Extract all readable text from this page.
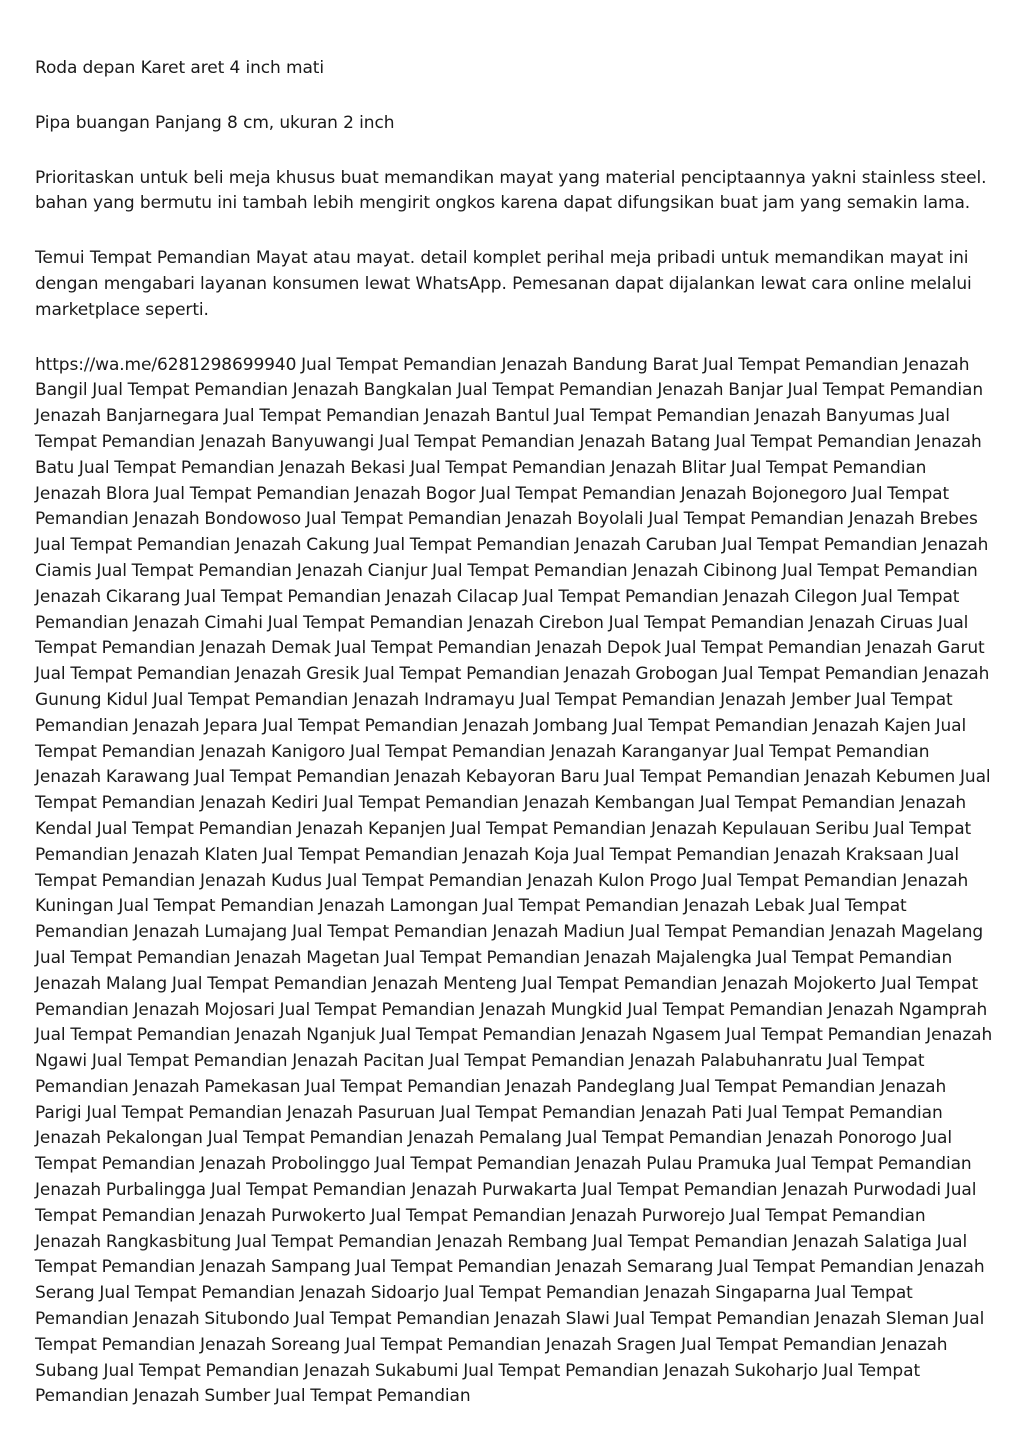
Roda depan Karet aret 4 inch mati

Pipa buangan Panjang 8 cm, ukuran 2 inch

Prioritaskan untuk beli meja khusus buat memandikan mayat yang material penciptaannya yakni stainless steel. bahan yang bermutu ini tambah lebih mengirit ongkos karena dapat difungsikan buat jam yang semakin lama.

Temui Tempat Pemandian Mayat atau mayat. detail komplet perihal meja pribadi untuk memandikan mayat ini dengan mengabari layanan konsumen lewat WhatsApp. Pemesanan dapat dijalankan lewat cara online melalui marketplace seperti.

https://wa.me/6281298699940 Jual Tempat Pemandian Jenazah Bandung Barat Jual Tempat Pemandian Jenazah Bangil Jual Tempat Pemandian Jenazah Bangkalan Jual Tempat Pemandian Jenazah Banjar Jual Tempat Pemandian Jenazah Banjarnegara Jual Tempat Pemandian Jenazah Bantul Jual Tempat Pemandian Jenazah Banyumas Jual Tempat Pemandian Jenazah Banyuwangi Jual Tempat Pemandian Jenazah Batang Jual Tempat Pemandian Jenazah Batu Jual Tempat Pemandian Jenazah Bekasi Jual Tempat Pemandian Jenazah Blitar Jual Tempat Pemandian Jenazah Blora Jual Tempat Pemandian Jenazah Bogor Jual Tempat Pemandian Jenazah Bojonegoro Jual Tempat Pemandian Jenazah Bondowoso Jual Tempat Pemandian Jenazah Boyolali Jual Tempat Pemandian Jenazah Brebes Jual Tempat Pemandian Jenazah Cakung Jual Tempat Pemandian Jenazah Caruban Jual Tempat Pemandian Jenazah Ciamis Jual Tempat Pemandian Jenazah Cianjur Jual Tempat Pemandian Jenazah Cibinong Jual Tempat Pemandian Jenazah Cikarang Jual Tempat Pemandian Jenazah Cilacap Jual Tempat Pemandian Jenazah Cilegon Jual Tempat Pemandian Jenazah Cimahi Jual Tempat Pemandian Jenazah Cirebon Jual Tempat Pemandian Jenazah Ciruas Jual Tempat Pemandian Jenazah Demak Jual Tempat Pemandian Jenazah Depok Jual Tempat Pemandian Jenazah Garut Jual Tempat Pemandian Jenazah Gresik Jual Tempat Pemandian Jenazah Grobogan Jual Tempat Pemandian Jenazah Gunung Kidul Jual Tempat Pemandian Jenazah Indramayu Jual Tempat Pemandian Jenazah Jember Jual Tempat Pemandian Jenazah Jepara Jual Tempat Pemandian Jenazah Jombang Jual Tempat Pemandian Jenazah Kajen Jual Tempat Pemandian Jenazah Kanigoro Jual Tempat Pemandian Jenazah Karanganyar Jual Tempat Pemandian Jenazah Karawang Jual Tempat Pemandian Jenazah Kebayoran Baru Jual Tempat Pemandian Jenazah Kebumen Jual Tempat Pemandian Jenazah Kediri Jual Tempat Pemandian Jenazah Kembangan Jual Tempat Pemandian Jenazah Kendal Jual Tempat Pemandian Jenazah Kepanjen Jual Tempat Pemandian Jenazah Kepulauan Seribu Jual Tempat Pemandian Jenazah Klaten Jual Tempat Pemandian Jenazah Koja Jual Tempat Pemandian Jenazah Kraksaan Jual Tempat Pemandian Jenazah Kudus Jual Tempat Pemandian Jenazah Kulon Progo Jual Tempat Pemandian Jenazah Kuningan Jual Tempat Pemandian Jenazah Lamongan Jual Tempat Pemandian Jenazah Lebak Jual Tempat Pemandian Jenazah Lumajang Jual Tempat Pemandian Jenazah Madiun Jual Tempat Pemandian Jenazah Magelang Jual Tempat Pemandian Jenazah Magetan Jual Tempat Pemandian Jenazah Majalengka Jual Tempat Pemandian Jenazah Malang Jual Tempat Pemandian Jenazah Menteng Jual Tempat Pemandian Jenazah Mojokerto Jual Tempat Pemandian Jenazah Mojosari Jual Tempat Pemandian Jenazah Mungkid Jual Tempat Pemandian Jenazah Ngamprah Jual Tempat Pemandian Jenazah Nganjuk Jual Tempat Pemandian Jenazah Ngasem Jual Tempat Pemandian Jenazah Ngawi Jual Tempat Pemandian Jenazah Pacitan Jual Tempat Pemandian Jenazah Palabuhanratu Jual Tempat Pemandian Jenazah Pamekasan Jual Tempat Pemandian Jenazah Pandeglang Jual Tempat Pemandian Jenazah Parigi Jual Tempat Pemandian Jenazah Pasuruan Jual Tempat Pemandian Jenazah Pati Jual Tempat Pemandian Jenazah Pekalongan Jual Tempat Pemandian Jenazah Pemalang Jual Tempat Pemandian Jenazah Ponorogo Jual Tempat Pemandian Jenazah Probolinggo Jual Tempat Pemandian Jenazah Pulau Pramuka Jual Tempat Pemandian Jenazah Purbalingga Jual Tempat Pemandian Jenazah Purwakarta Jual Tempat Pemandian Jenazah Purwodadi Jual Tempat Pemandian Jenazah Purwokerto Jual Tempat Pemandian Jenazah Purworejo Jual Tempat Pemandian Jenazah Rangkasbitung Jual Tempat Pemandian Jenazah Rembang Jual Tempat Pemandian Jenazah Salatiga Jual Tempat Pemandian Jenazah Sampang Jual Tempat Pemandian Jenazah Semarang Jual Tempat Pemandian Jenazah Serang Jual Tempat Pemandian Jenazah Sidoarjo Jual Tempat Pemandian Jenazah Singaparna Jual Tempat Pemandian Jenazah Situbondo Jual Tempat Pemandian Jenazah Slawi Jual Tempat Pemandian Jenazah Sleman Jual Tempat Pemandian Jenazah Soreang Jual Tempat Pemandian Jenazah Sragen Jual Tempat Pemandian Jenazah Subang Jual Tempat Pemandian Jenazah Sukabumi Jual Tempat Pemandian Jenazah Sukoharjo Jual Tempat Pemandian Jenazah Sumber Jual Tempat Pemandian
